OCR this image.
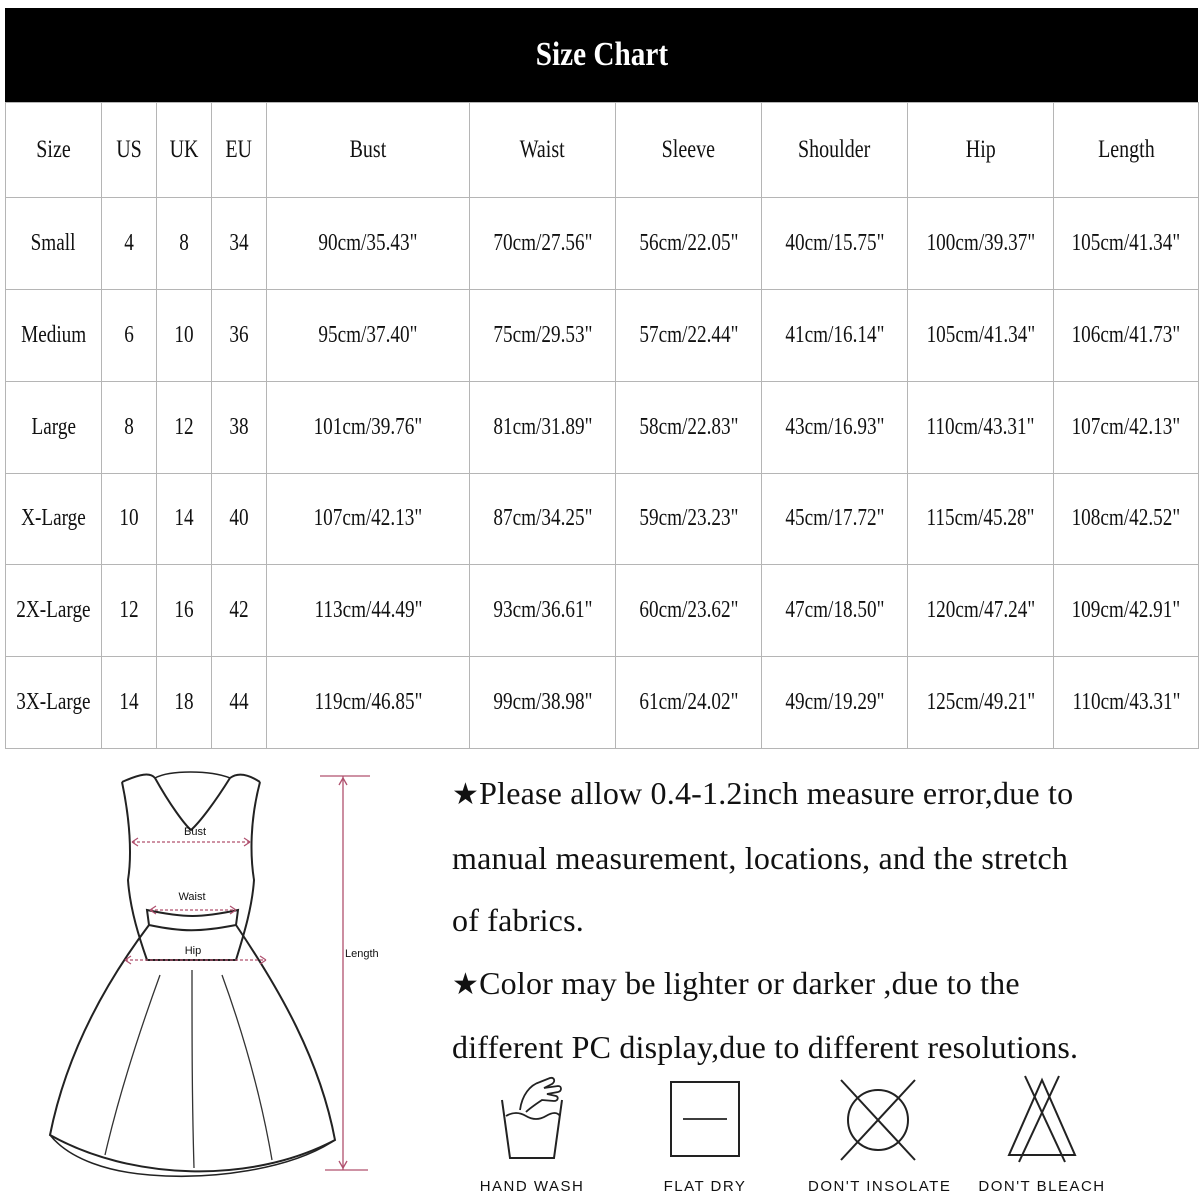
Size Chart
Size	US	UK	EU	Bust	Waist	Sleeve	Shoulder	Hip	Length
Small	4	8	34	90cm/35.43"	70cm/27.56"	56cm/22.05"	40cm/15.75"	100cm/39.37"	105cm/41.34"
Medium	6	10	36	95cm/37.40"	75cm/29.53"	57cm/22.44"	41cm/16.14"	105cm/41.34"	106cm/41.73"
Large	8	12	38	101cm/39.76"	81cm/31.89"	58cm/22.83"	43cm/16.93"	110cm/43.31"	107cm/42.13"
X-Large	10	14	40	107cm/42.13"	87cm/34.25"	59cm/23.23"	45cm/17.72"	115cm/45.28"	108cm/42.52"
2X-Large	12	16	42	113cm/44.49"	93cm/36.61"	60cm/23.62"	47cm/18.50"	120cm/47.24"	109cm/42.91"
3X-Large	14	18	44	119cm/46.85"	99cm/38.98"	61cm/24.02"	49cm/19.29"	125cm/49.21"	110cm/43.31"
Bust
Waist
Hip	Length
★Please allow 0.4-1.2inch measure error,due to
manual measurement, locations, and the stretch
of fabrics.
★Color may be lighter or darker ,due to the
different PC display,due to different resolutions.
HAND WASH	FLAT DRY	DON'T INSOLATE	DON'T BLEACH
